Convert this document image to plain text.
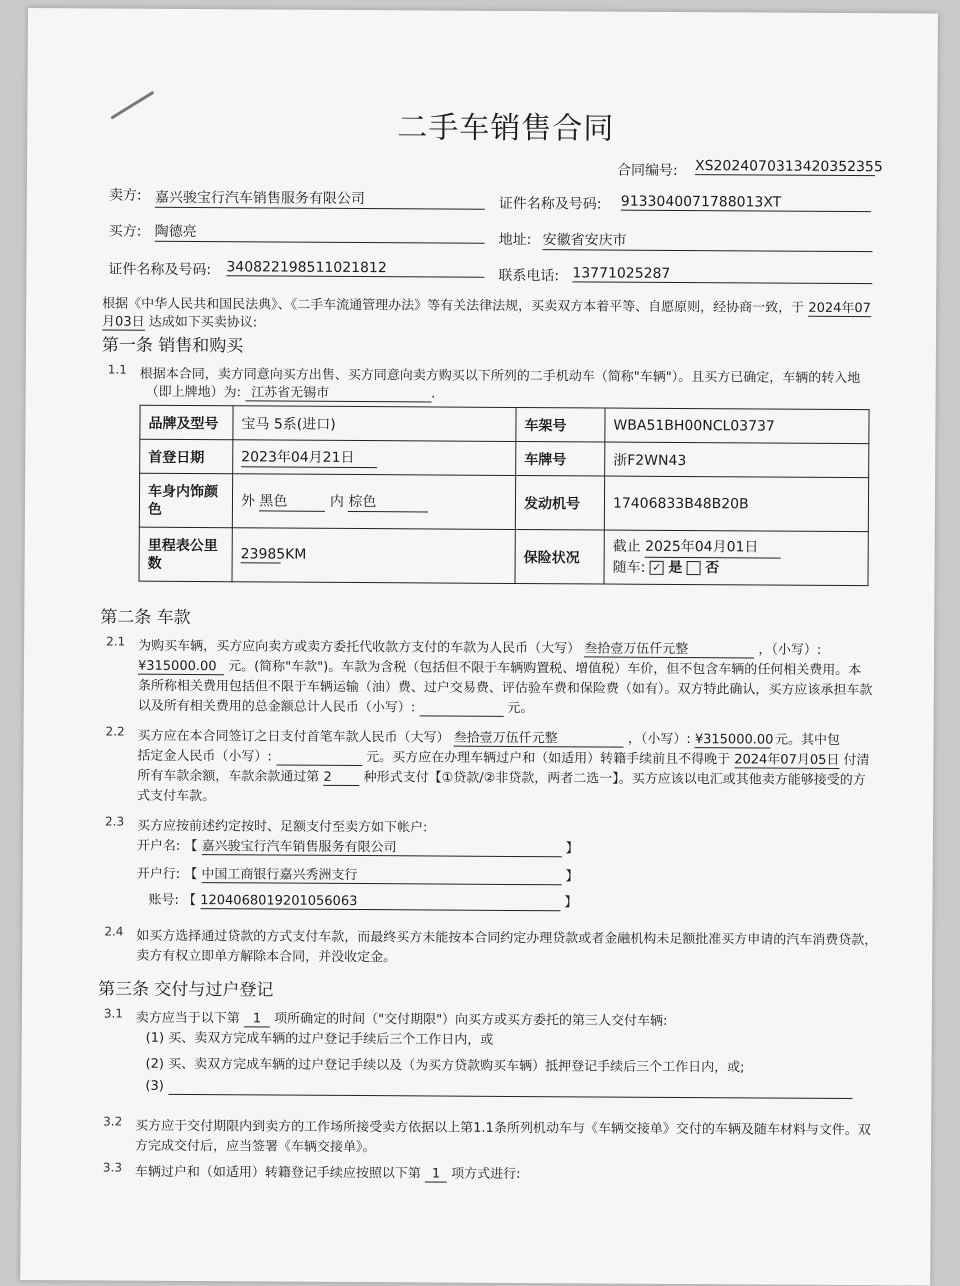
二手车销售合同
合同编号: XS2024070313420352355
卖方: 嘉兴骏宝行汽车销售服务有限公司	证件名称及号码: 9133040071788013XT
买方: 陶德亮	地址: 安徽省安庆市
证件名称及号码: 340822198511021812	联系电话: 13771025287
根据《中华人民共和国民法典》、《二手车流通管理办法》等有关法律法规，买卖双方本着平等、自愿原则，经协商一致，于 2024年07
月03日 达成如下买卖协议:
第一条 销售和购买
1.1 根据本合同，卖方同意向买方出售、买方同意向卖方购买以下所列的二手机动车（简称"车辆"）。且买方已确定，车辆的转入地
（即上牌地）为: 江苏省无锡市	.
品牌及型号	宝马 5系(进口)	车架号	WBA51BH00NCL03737
首登日期	2023年04月21日	车牌号	浙F2WN43
车身内饰颜色	外 黑色 内 棕色	发动机号	17406833B48B20B
里程表公里数	23985 KM	保险状况	截止 2025年04月01日
随车: ✓ 是 否
第二条 车款
2.1 为购买车辆，买方应向卖方或卖方委托代收款方支付的车款为人民币（大写） 叁拾壹万伍仟元整	，（小写）:
¥315000.00 元。(简称"车款")。车款为含税（包括但不限于车辆购置税、增值税）车价，但不包含车辆的任何相关费用。本
条所称相关费用包括但不限于车辆运输（油）费、过户交易费、评估验车费和保险费（如有）。双方特此确认，买方应该承担车款
以及所有相关费用的总金额总计人民币（小写）:	元。
2.2 买方应在本合同签订之日支付首笔车款人民币（大写） 叁拾壹万伍仟元整	，（小写）: ¥315000.00 元。其中包
括定金人民币（小写）:	元。买方应在办理车辆过户和（如适用）转籍手续前且不得晚于 2024年07月05日 付清
所有车款余额，车款余款通过第 2 种形式支付【①贷款/②非贷款，两者二选一】。买方应该以电汇或其他卖方能够接受的方
式支付车款。
2.3 买方应按前述约定按时、足额支付至卖方如下帐户:
开户名: 【 嘉兴骏宝行汽车销售服务有限公司	】
开户行: 【 中国工商银行嘉兴秀洲支行	】
账号: 【 1204068019201056063	】
2.4 如买方选择通过贷款的方式支付车款，而最终买方未能按本合同约定办理贷款或者金融机构未足额批准买方申请的汽车消费贷款，
卖方有权立即单方解除本合同，并没收定金。
第三条 交付与过户登记
3.1 卖方应当于以下第 1 项所确定的时间（"交付期限"）向买方或买方委托的第三人交付车辆:
(1) 买、卖双方完成车辆的过户登记手续后三个工作日内，或
(2) 买、卖双方完成车辆的过户登记手续以及（为买方贷款购买车辆）抵押登记手续后三个工作日内，或;
(3)
3.2 买方应于交付期限内到卖方的工作场所接受卖方依据以上第1.1条所列机动车与《车辆交接单》交付的车辆及随车材料与文件。双
方完成交付后，应当签署《车辆交接单》。
3.3 车辆过户和（如适用）转籍登记手续应按照以下第 1 项方式进行:
